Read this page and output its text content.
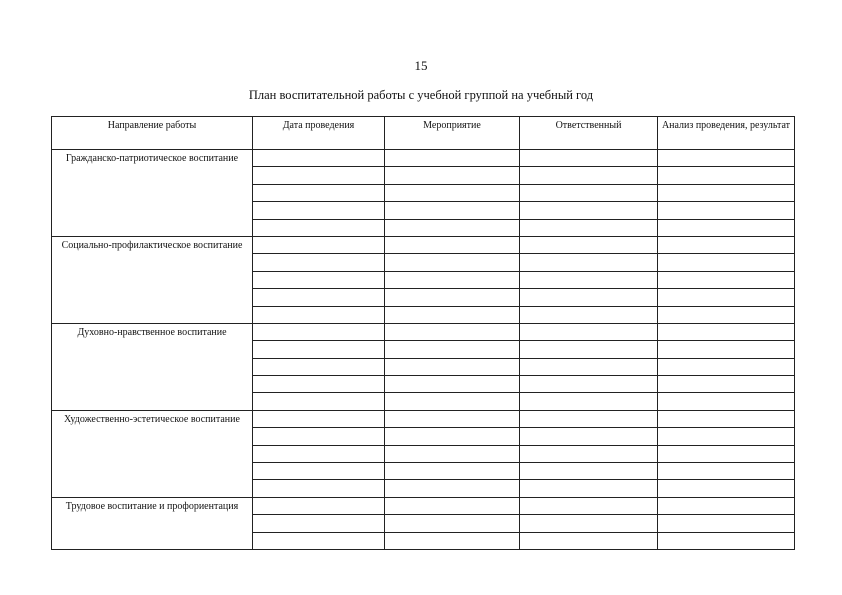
15
План воспитательной работы с учебной группой на учебный год
Направление работы	Дата проведения	Мероприятие	Ответственный	Анализ проведения, результат
Гражданско-патриотическое воспитание				

Социально-профилактическое воспитание				

Духовно-нравственное воспитание				

Художественно-эстетическое воспитание				

Трудовое воспитание и профориентация				
